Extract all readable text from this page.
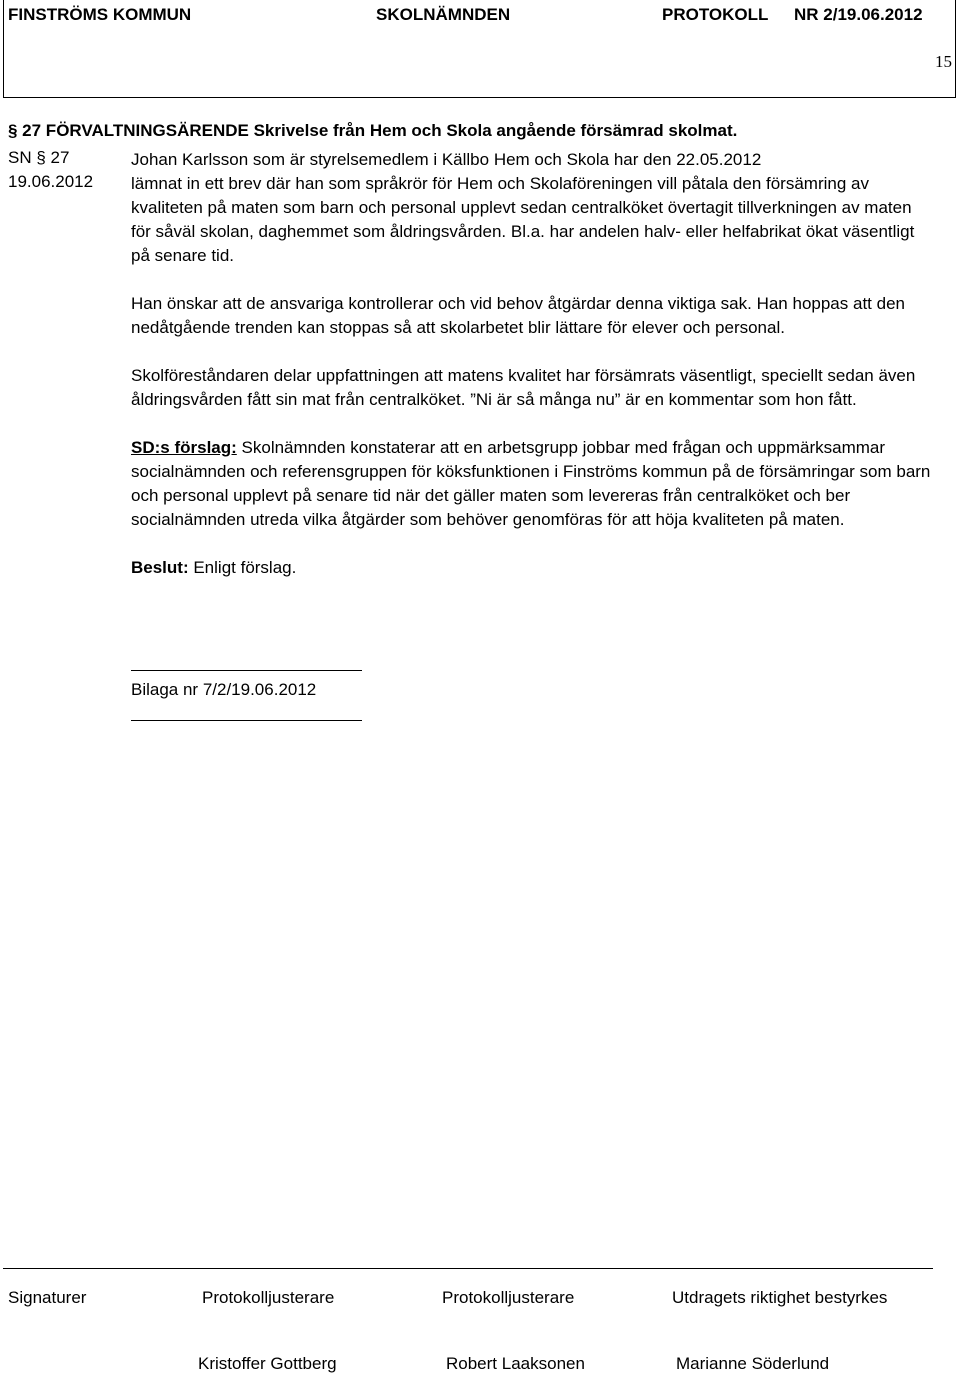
FINSTRÖMS KOMMUN	SKOLNÄMNDEN	PROTOKOLL NR 2/19.06.2012
15
§ 27 FÖRVALTNINGSÄRENDE Skrivelse från Hem och Skola angående försämrad skolmat.
SN § 27
19.06.2012

Johan Karlsson som är styrelsemedlem i Källbo Hem och Skola har den 22.05.2012

lämnat in ett brev där han som språkrör för Hem och Skolaföreningen vill påtala den försämring av kvaliteten på maten som barn och personal upplevt sedan centralköket övertagit tillverkningen av maten för såväl skolan, daghemmet som åldringsvården. Bl.a. har andelen halv- eller helfabrikat ökat väsentligt på senare tid.

Han önskar att de ansvariga kontrollerar och vid behov åtgärdar denna viktiga sak. Han hoppas att den nedåtgående trenden kan stoppas så att skolarbetet blir lättare för elever och personal.

Skolföreståndaren delar uppfattningen att matens kvalitet har försämrats väsentligt, speciellt sedan även åldringsvården fått sin mat från centralköket. ”Ni är så många nu” är en kommentar som hon fått.

SD:s förslag: Skolnämnden konstaterar att en arbetsgrupp jobbar med frågan och uppmärksammar socialnämnden och referensgruppen för köksfunktionen i Finströms kommun på de försämringar som barn och personal upplevt på senare tid när det gäller maten som levereras från centralköket och ber socialnämnden utreda vilka åtgärder som behöver genomföras för att höja kvaliteten på maten.

Beslut: Enligt förslag.

Bilaga nr 7/2/19.06.2012
Signaturer	Protokolljusterare	Protokolljusterare	Utdragets riktighet bestyrkes
Kristoffer Gottberg	Robert Laaksonen	Marianne Söderlund
